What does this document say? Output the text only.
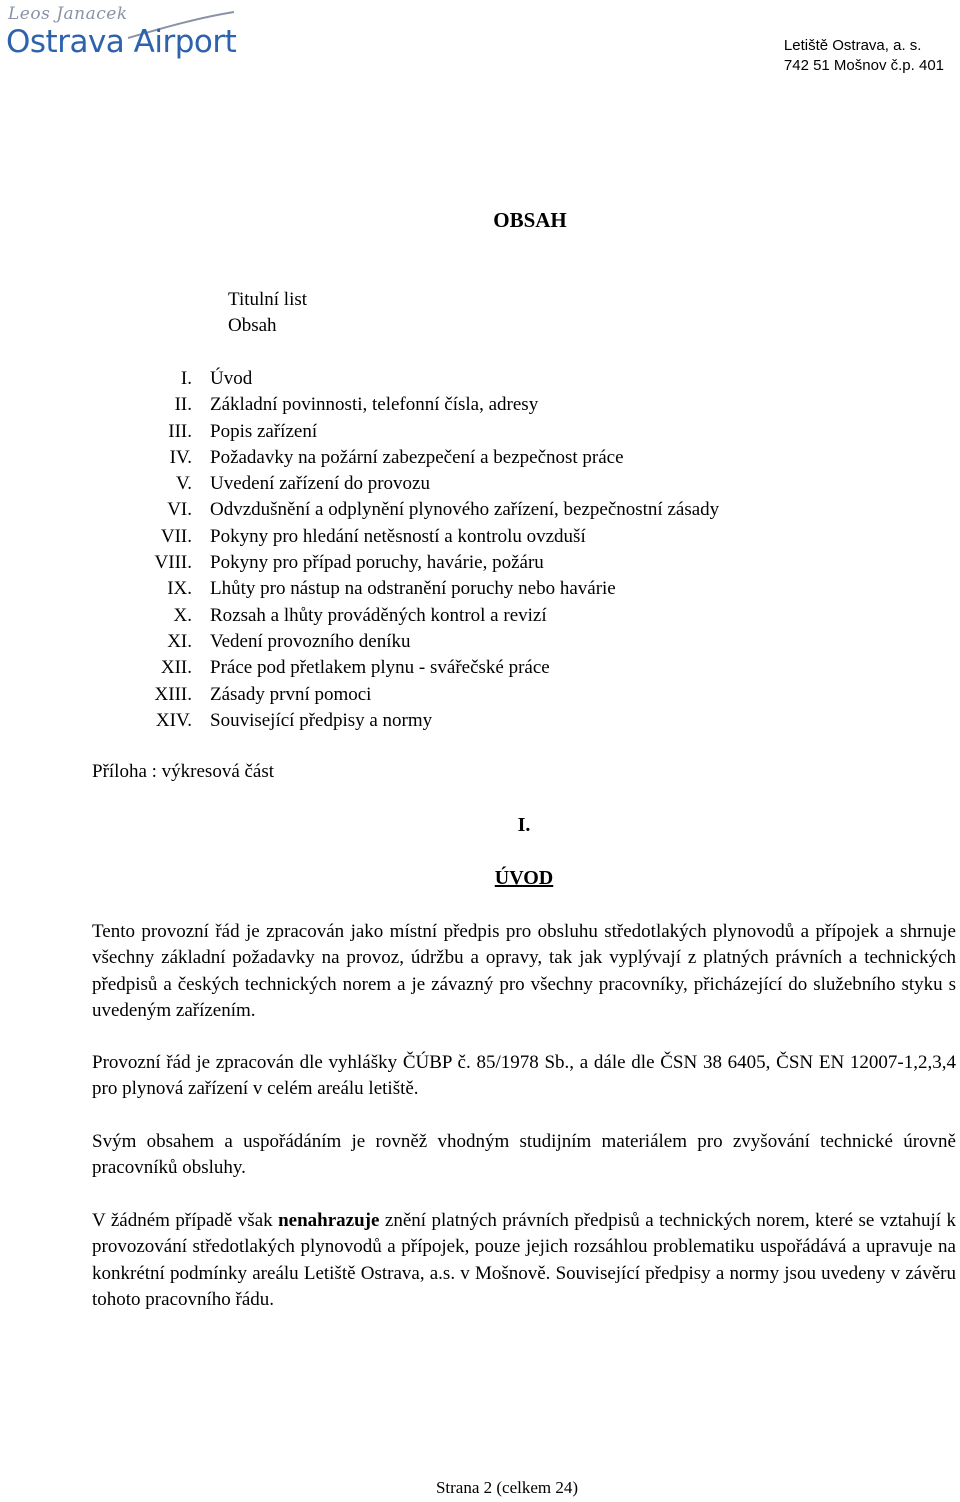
Leos Janacek
Ostrava Airport	Letiště Ostrava, a. s.
742 51 Mošnov č.p. 401
OBSAH
Titulní list
Obsah
I. Úvod
II. Základní povinnosti, telefonní čísla, adresy
III. Popis zařízení
IV. Požadavky na požární zabezpečení a bezpečnost práce
V. Uvedení zařízení do provozu
VI. Odvzdušnění a odplynění plynového zařízení, bezpečnostní zásady
VII. Pokyny pro hledání netěsností a kontrolu ovzduší
VIII. Pokyny pro případ poruchy, havárie, požáru
IX. Lhůty pro nástup na odstranění poruchy nebo havárie
X. Rozsah a lhůty prováděných kontrol a revizí
XI. Vedení provozního deníku
XII. Práce pod přetlakem plynu - svářečské práce
XIII. Zásady první pomoci
XIV. Související předpisy a normy
Příloha : výkresová část
I.
ÚVOD

Tento provozní řád je zpracován jako místní předpis pro obsluhu středotlakých plynovodů a přípojek a shrnuje všechny základní požadavky na provoz, údržbu a opravy, tak jak vyplývají z platných právních a technických předpisů a českých technických norem a je závazný pro všechny pracovníky, přicházející do služebního styku s uvedeným zařízením.

Provozní řád je zpracován dle vyhlášky ČÚBP č. 85/1978 Sb., a dále dle ČSN 38 6405, ČSN EN 12007-1,2,3,4 pro plynová zařízení v celém areálu letiště.

Svým obsahem a uspořádáním je rovněž vhodným studijním materiálem pro zvyšování technické úrovně pracovníků obsluhy.

V žádném případě však nenahrazuje znění platných právních předpisů a technických norem, které se vztahují k provozování středotlakých plynovodů a přípojek, pouze jejich rozsáhlou problematiku uspořádává a upravuje na konkrétní podmínky areálu Letiště Ostrava, a.s. v Mošnově. Související předpisy a normy jsou uvedeny v závěru tohoto pracovního řádu.

Strana 2 (celkem 24)
